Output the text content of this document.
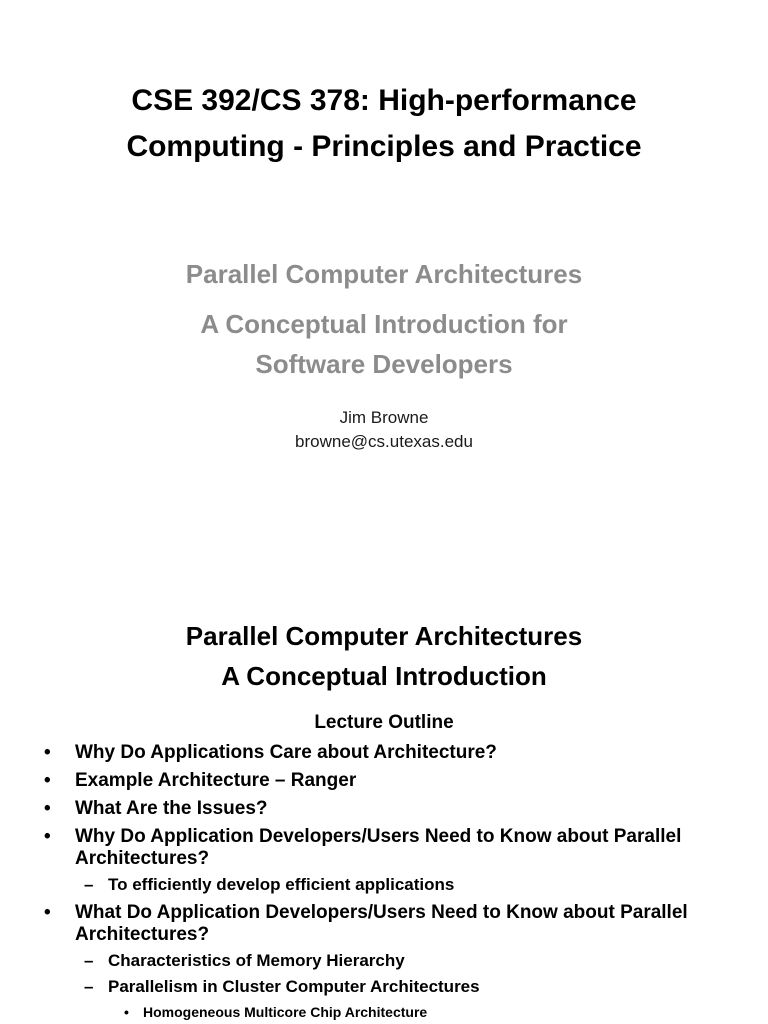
CSE 392/CS 378: High-performance
Computing - Principles and Practice
Parallel Computer Architectures
A Conceptual Introduction for
Software Developers
Jim Browne
browne@cs.utexas.edu
Parallel Computer Architectures
A Conceptual Introduction
Lecture Outline
• Why Do Applications Care about Architecture?
• Example Architecture – Ranger
• What Are the Issues?
• Why Do Application Developers/Users Need to Know about Parallel Architectures?
– To efficiently develop efficient applications
• What Do Application Developers/Users Need to Know about Parallel Architectures?
– Characteristics of Memory Hierarchy
– Parallelism in Cluster Computer Architectures
• Homogeneous Multicore Chip Architecture
